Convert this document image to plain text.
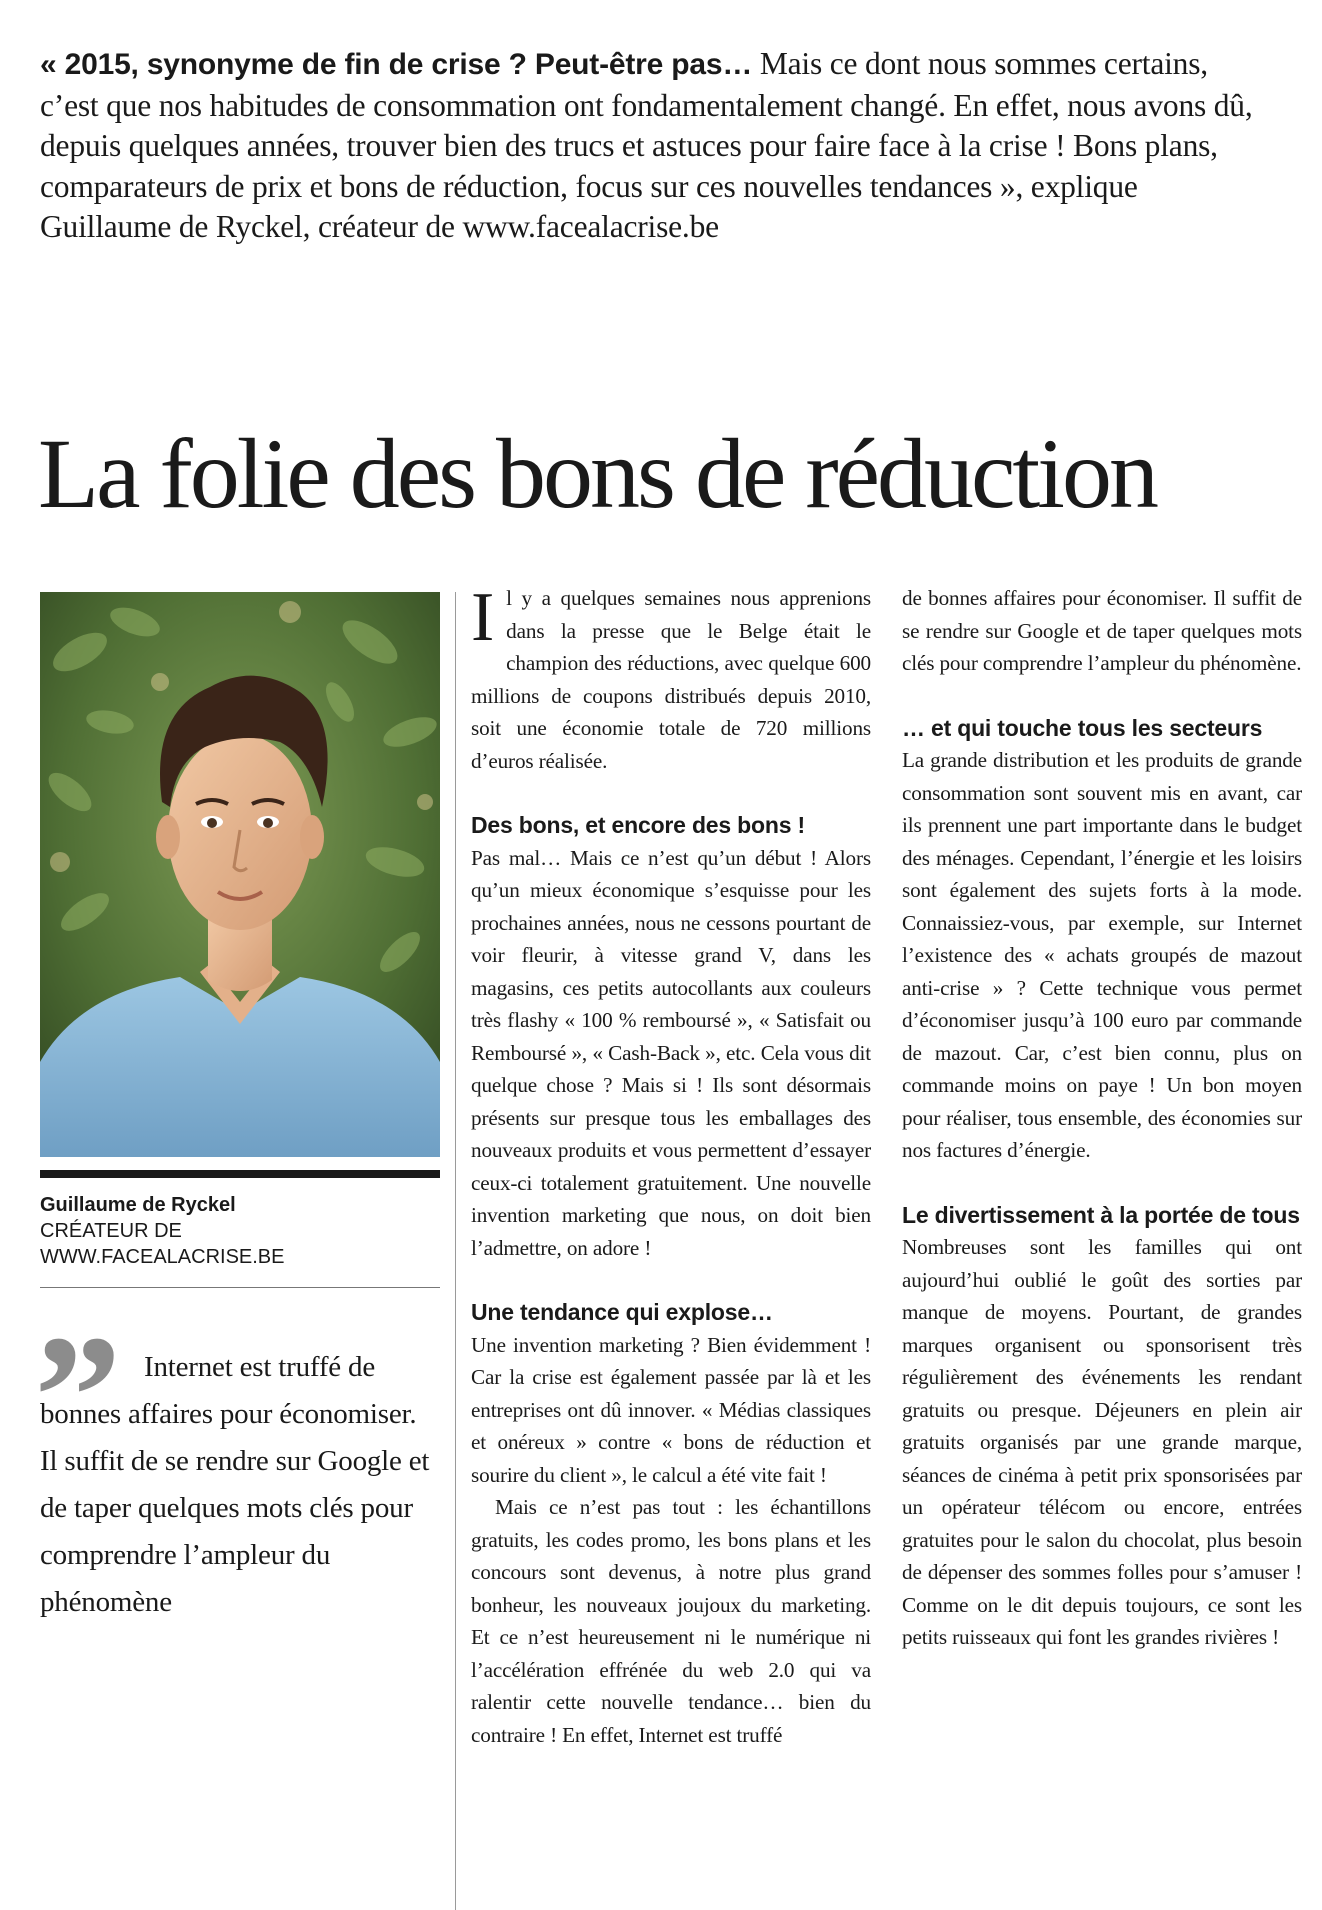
« 2015, synonyme de fin de crise ? Peut-être pas… Mais ce dont nous sommes certains, c’est que nos habitudes de consommation ont fondamentalement changé. En effet, nous avons dû, depuis quelques années, trouver bien des trucs et astuces pour faire face à la crise ! Bons plans, comparateurs de prix et bons de réduction, focus sur ces nouvelles tendances », explique Guillaume de Ryckel, créateur de www.facealacrise.be
La folie des bons de réduction
Guillaume de Ryckel
CRÉATEUR DE
WWW.FACEALACRISE.BE
”	Internet est truffé de bonnes affaires pour économiser. Il suffit de se rendre sur Google et de taper quelques mots clés pour comprendre l’ampleur du phénomène

Il y a quelques semaines nous apprenions dans la presse que le Belge était le champion des réductions, avec quelque 600 millions de coupons distribués depuis 2010, soit une économie totale de 720 millions d’euros réalisée.

Des bons, et encore des bons !

Pas mal… Mais ce n’est qu’un début ! Alors qu’un mieux économique s’esquisse pour les prochaines années, nous ne cessons pourtant de voir fleurir, à vitesse grand V, dans les magasins, ces petits autocollants aux couleurs très flashy « 100 % remboursé », « Satisfait ou Remboursé », « Cash-Back », etc. Cela vous dit quelque chose ? Mais si ! Ils sont désormais présents sur presque tous les emballages des nouveaux produits et vous permettent d’essayer ceux-ci totalement gratuitement. Une nouvelle invention marketing que nous, on doit bien l’admettre, on adore !

Une tendance qui explose…

Une invention marketing ? Bien évidemment ! Car la crise est également passée par là et les entreprises ont dû innover. « Médias classiques et onéreux » contre « bons de réduction et sourire du client », le calcul a été vite fait !

Mais ce n’est pas tout : les échantillons gratuits, les codes promo, les bons plans et les concours sont devenus, à notre plus grand bonheur, les nouveaux joujoux du marketing. Et ce n’est heureusement ni le numérique ni l’accélération effrénée du web 2.0 qui va ralentir cette nouvelle tendance… bien du contraire ! En effet, Internet est truffé

de bonnes affaires pour économiser. Il suffit de se rendre sur Google et de taper quelques mots clés pour comprendre l’ampleur du phénomène.

… et qui touche tous les secteurs

La grande distribution et les produits de grande consommation sont souvent mis en avant, car ils prennent une part importante dans le budget des ménages. Cependant, l’énergie et les loisirs sont également des sujets forts à la mode. Connaissiez-vous, par exemple, sur Internet l’existence des « achats groupés de mazout anti-crise » ? Cette technique vous permet d’économiser jusqu’à 100 euro par commande de mazout. Car, c’est bien connu, plus on commande moins on paye ! Un bon moyen pour réaliser, tous ensemble, des économies sur nos factures d’énergie.

Le divertissement à la portée de tous

Nombreuses sont les familles qui ont aujourd’hui oublié le goût des sorties par manque de moyens. Pourtant, de grandes marques organisent ou sponsorisent très régulièrement des événements les rendant gratuits ou presque. Déjeuners en plein air gratuits organisés par une grande marque, séances de cinéma à petit prix sponsorisées par un opérateur télécom ou encore, entrées gratuites pour le salon du chocolat, plus besoin de dépenser des sommes folles pour s’amuser ! Comme on le dit depuis toujours, ce sont les petits ruisseaux qui font les grandes rivières !
